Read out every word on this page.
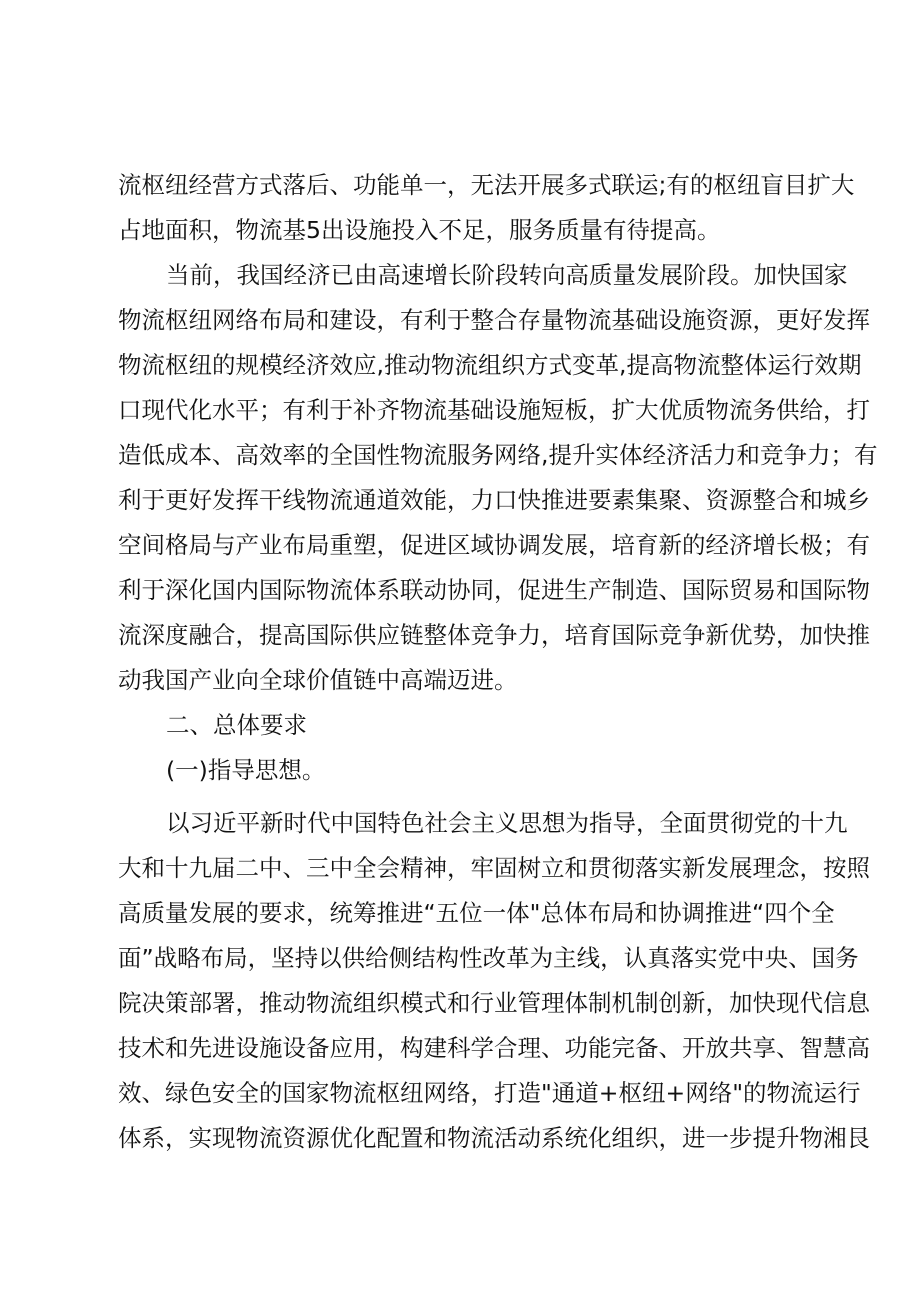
流枢纽经营方式落后、功能单一，无法开展多式联运;有的枢纽盲目扩大
占地面积，物流基5出设施投入不足，服务质量有待提高。
当前，我国经济已由高速增长阶段转向高质量发展阶段。加快国家
物流枢纽网络布局和建设，有利于整合存量物流基础设施资源，更好发挥
物流枢纽的规模经济效应,推动物流组织方式变革,提高物流整体运行效期
口现代化水平；有利于补齐物流基础设施短板，扩大优质物流务供给，打
造低成本、高效率的全国性物流服务网络,提升实体经济活力和竞争力；有
利于更好发挥干线物流通道效能，力口快推进要素集聚、资源整合和城乡
空间格局与产业布局重塑，促进区域协调发展，培育新的经济增长极；有
利于深化国内国际物流体系联动协同，促进生产制造、国际贸易和国际物
流深度融合，提高国际供应链整体竞争力，培育国际竞争新优势，加快推
动我国产业向全球价值链中高端迈进。
二、总体要求
(一)指导思想。
以习近平新时代中国特色社会主义思想为指导，全面贯彻党的十九
大和十九届二中、三中全会精神，牢固树立和贯彻落实新发展理念，按照
高质量发展的要求，统筹推进“五位一体"总体布局和协调推进“四个全
面”战略布局，坚持以供给侧结构性改革为主线，认真落实党中央、国务
院决策部署，推动物流组织模式和行业管理体制机制创新，加快现代信息
技术和先进设施设备应用，构建科学合理、功能完备、开放共享、智慧高
效、绿色安全的国家物流枢纽网络，打造"通道+枢纽+网络"的物流运行
体系，实现物流资源优化配置和物流活动系统化组织，进一步提升物湘艮
